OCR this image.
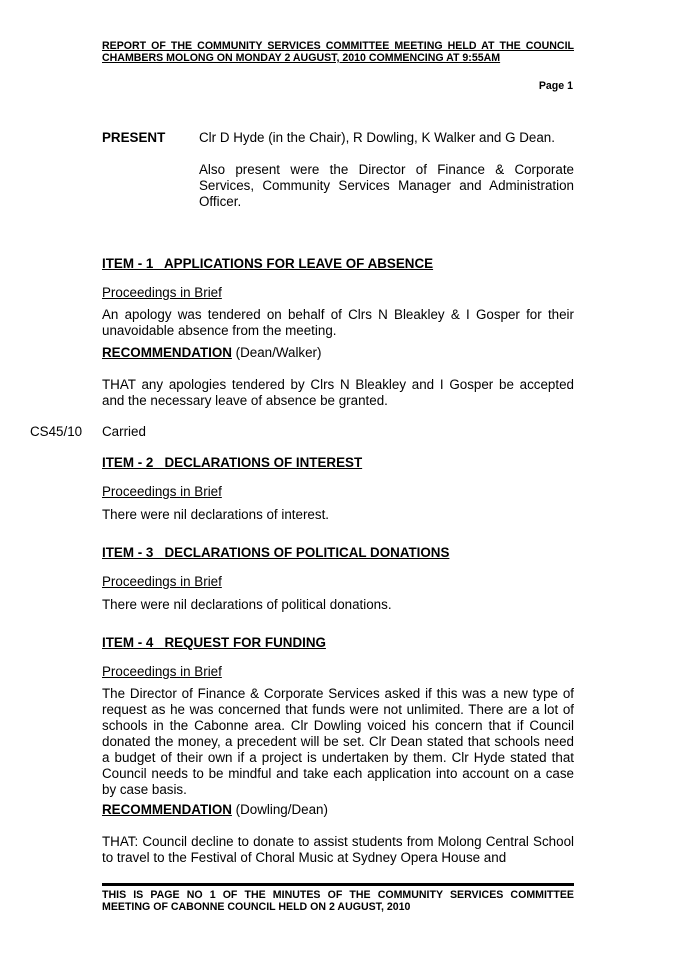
REPORT OF THE COMMUNITY SERVICES COMMITTEE MEETING HELD AT THE COUNCIL CHAMBERS MOLONG ON MONDAY 2 AUGUST, 2010 COMMENCING AT 9:55AM
Page 1
PRESENT	Clr D Hyde (in the Chair), R Dowling, K Walker and G Dean.
Also present were the Director of Finance & Corporate Services, Community Services Manager and Administration Officer.
ITEM - 1   APPLICATIONS FOR LEAVE OF ABSENCE
Proceedings in Brief
An apology was tendered on behalf of Clrs N Bleakley & I Gosper for their unavoidable absence from the meeting.
RECOMMENDATION (Dean/Walker)
THAT any apologies tendered by Clrs N Bleakley and I Gosper be accepted and the necessary leave of absence be granted.
CS45/10 Carried
ITEM - 2   DECLARATIONS OF INTEREST
Proceedings in Brief
There were nil declarations of interest.
ITEM - 3   DECLARATIONS OF POLITICAL DONATIONS
Proceedings in Brief
There were nil declarations of political donations.
ITEM - 4   REQUEST FOR FUNDING
Proceedings in Brief
The Director of Finance & Corporate Services asked if this was a new type of request as he was concerned that funds were not unlimited. There are a lot of schools in the Cabonne area. Clr Dowling voiced his concern that if Council donated the money, a precedent will be set. Clr Dean stated that schools need a budget of their own if a project is undertaken by them. Clr Hyde stated that Council needs to be mindful and take each application into account on a case by case basis.
RECOMMENDATION (Dowling/Dean)
THAT: Council decline to donate to assist students from Molong Central School to travel to the Festival of Choral Music at Sydney Opera House and
THIS IS PAGE NO 1 OF THE MINUTES OF THE COMMUNITY SERVICES COMMITTEE MEETING OF CABONNE COUNCIL HELD ON 2 AUGUST, 2010
